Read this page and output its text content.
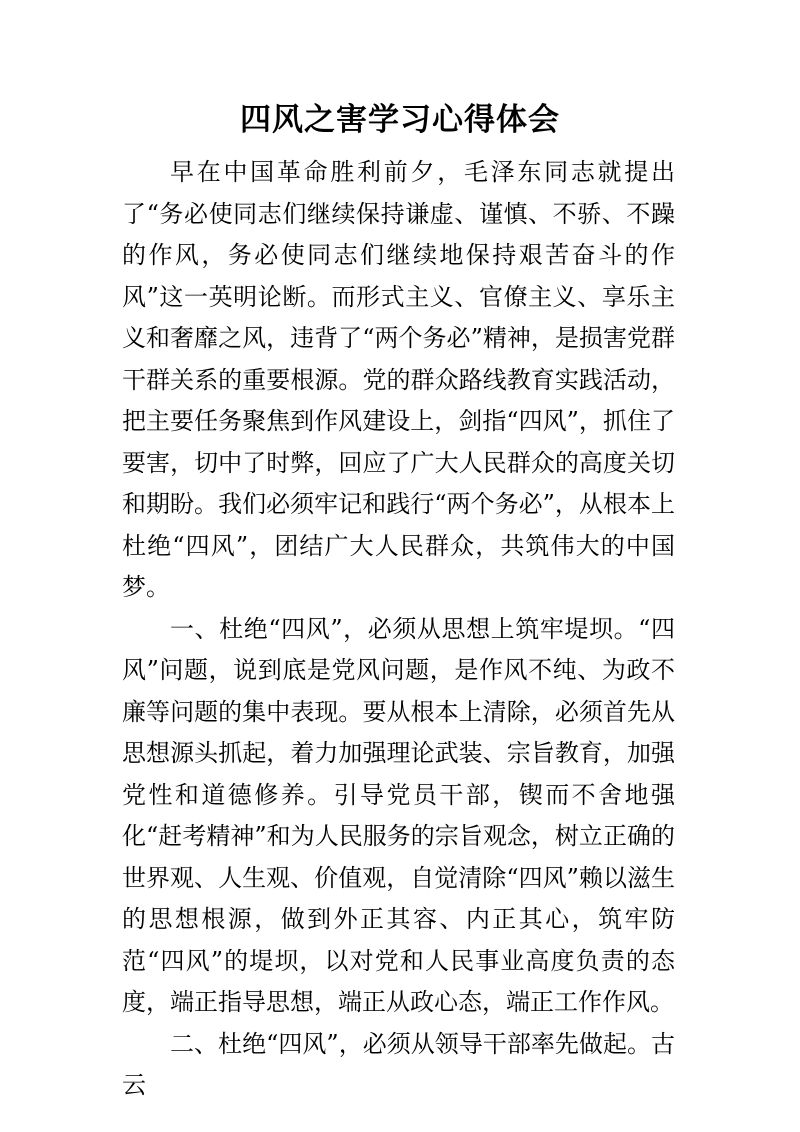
四风之害学习心得体会

早在中国革命胜利前夕，毛泽东同志就提出了“务必使同志们继续保持谦虚、谨慎、不骄、不躁的作风，务必使同志们继续地保持艰苦奋斗的作风”这一英明论断。而形式主义、官僚主义、享乐主义和奢靡之风，违背了“两个务必”精神，是损害党群干群关系的重要根源。党的群众路线教育实践活动，把主要任务聚焦到作风建设上，剑指“四风”，抓住了要害，切中了时弊，回应了广大人民群众的高度关切和期盼。我们必须牢记和践行“两个务必”，从根本上杜绝“四风”，团结广大人民群众，共筑伟大的中国梦。

一、杜绝“四风”，必须从思想上筑牢堤坝。“四风”问题，说到底是党风问题，是作风不纯、为政不廉等问题的集中表现。要从根本上清除，必须首先从思想源头抓起，着力加强理论武装、宗旨教育，加强党性和道德修养。引导党员干部，锲而不舍地强化“赶考精神”和为人民服务的宗旨观念，树立正确的世界观、人生观、价值观，自觉清除“四风”赖以滋生的思想根源，做到外正其容、内正其心，筑牢防范“四风”的堤坝，以对党和人民事业高度负责的态度，端正指导思想，端正从政心态，端正工作作风。

二、杜绝“四风”，必须从领导干部率先做起。古云
